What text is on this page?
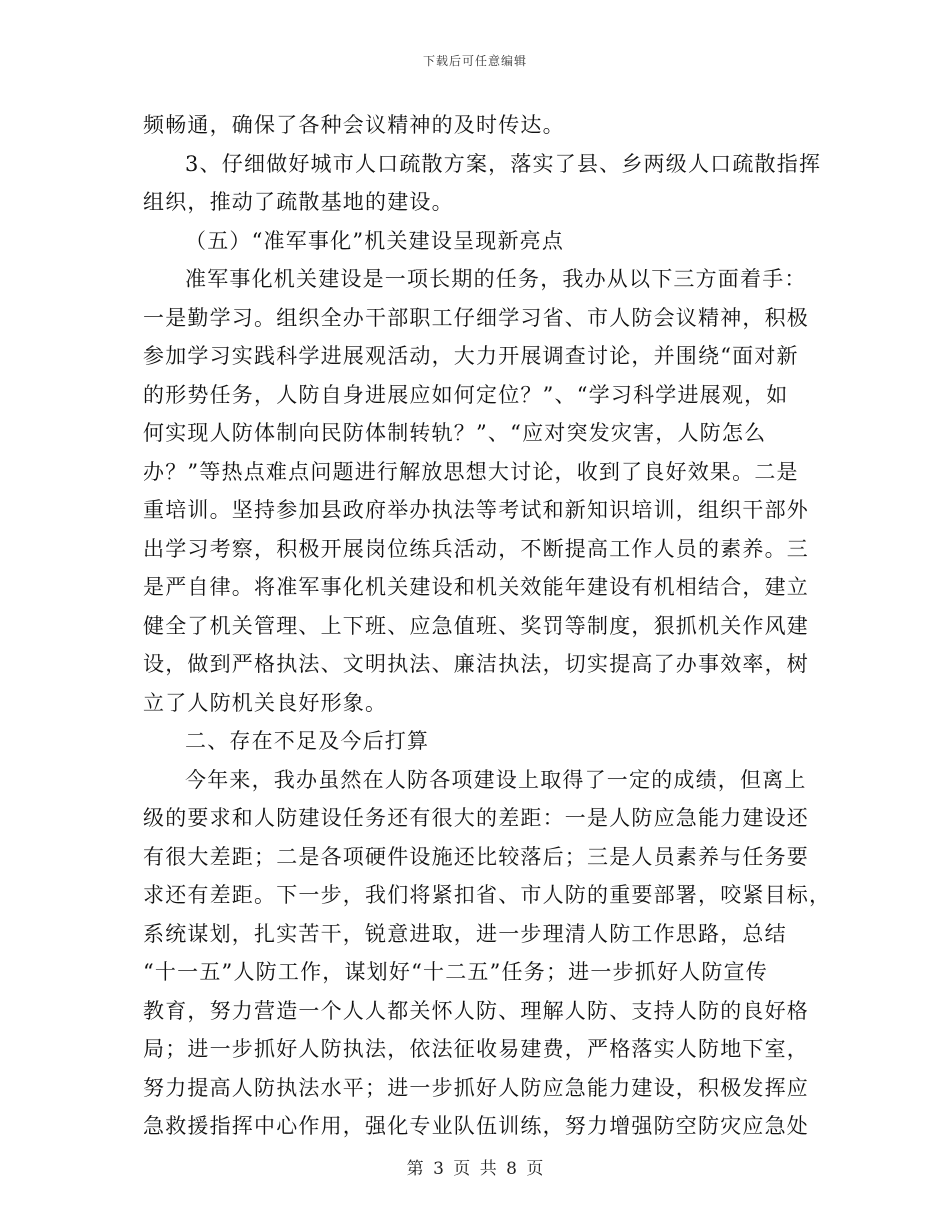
下载后可任意编辑
频畅通，确保了各种会议精神的及时传达。
3、仔细做好城市人口疏散方案，落实了县、乡两级人口疏散指挥
组织，推动了疏散基地的建设。
（五）“准军事化”机关建设呈现新亮点
准军事化机关建设是一项长期的任务，我办从以下三方面着手：
一是勤学习。组织全办干部职工仔细学习省、市人防会议精神，积极
参加学习实践科学进展观活动，大力开展调查讨论，并围绕“面对新
的形势任务，人防自身进展应如何定位？”、“学习科学进展观，如
何实现人防体制向民防体制转轨？”、“应对突发灾害，人防怎么
办？”等热点难点问题进行解放思想大讨论，收到了良好效果。二是
重培训。坚持参加县政府举办执法等考试和新知识培训，组织干部外
出学习考察，积极开展岗位练兵活动，不断提高工作人员的素养。三
是严自律。将准军事化机关建设和机关效能年建设有机相结合，建立
健全了机关管理、上下班、应急值班、奖罚等制度，狠抓机关作风建
设，做到严格执法、文明执法、廉洁执法，切实提高了办事效率，树
立了人防机关良好形象。
二、存在不足及今后打算
今年来，我办虽然在人防各项建设上取得了一定的成绩，但离上
级的要求和人防建设任务还有很大的差距：一是人防应急能力建设还
有很大差距；二是各项硬件设施还比较落后；三是人员素养与任务要
求还有差距。下一步，我们将紧扣省、市人防的重要部署，咬紧目标，
系统谋划，扎实苦干，锐意进取，进一步理清人防工作思路，总结
“十一五”人防工作，谋划好“十二五”任务；进一步抓好人防宣传
教育，努力营造一个人人都关怀人防、理解人防、支持人防的良好格
局；进一步抓好人防执法，依法征收易建费，严格落实人防地下室，
努力提高人防执法水平；进一步抓好人防应急能力建设，积极发挥应
急救援指挥中心作用，强化专业队伍训练，努力增强防空防灾应急处
第 3 页 共 8 页
